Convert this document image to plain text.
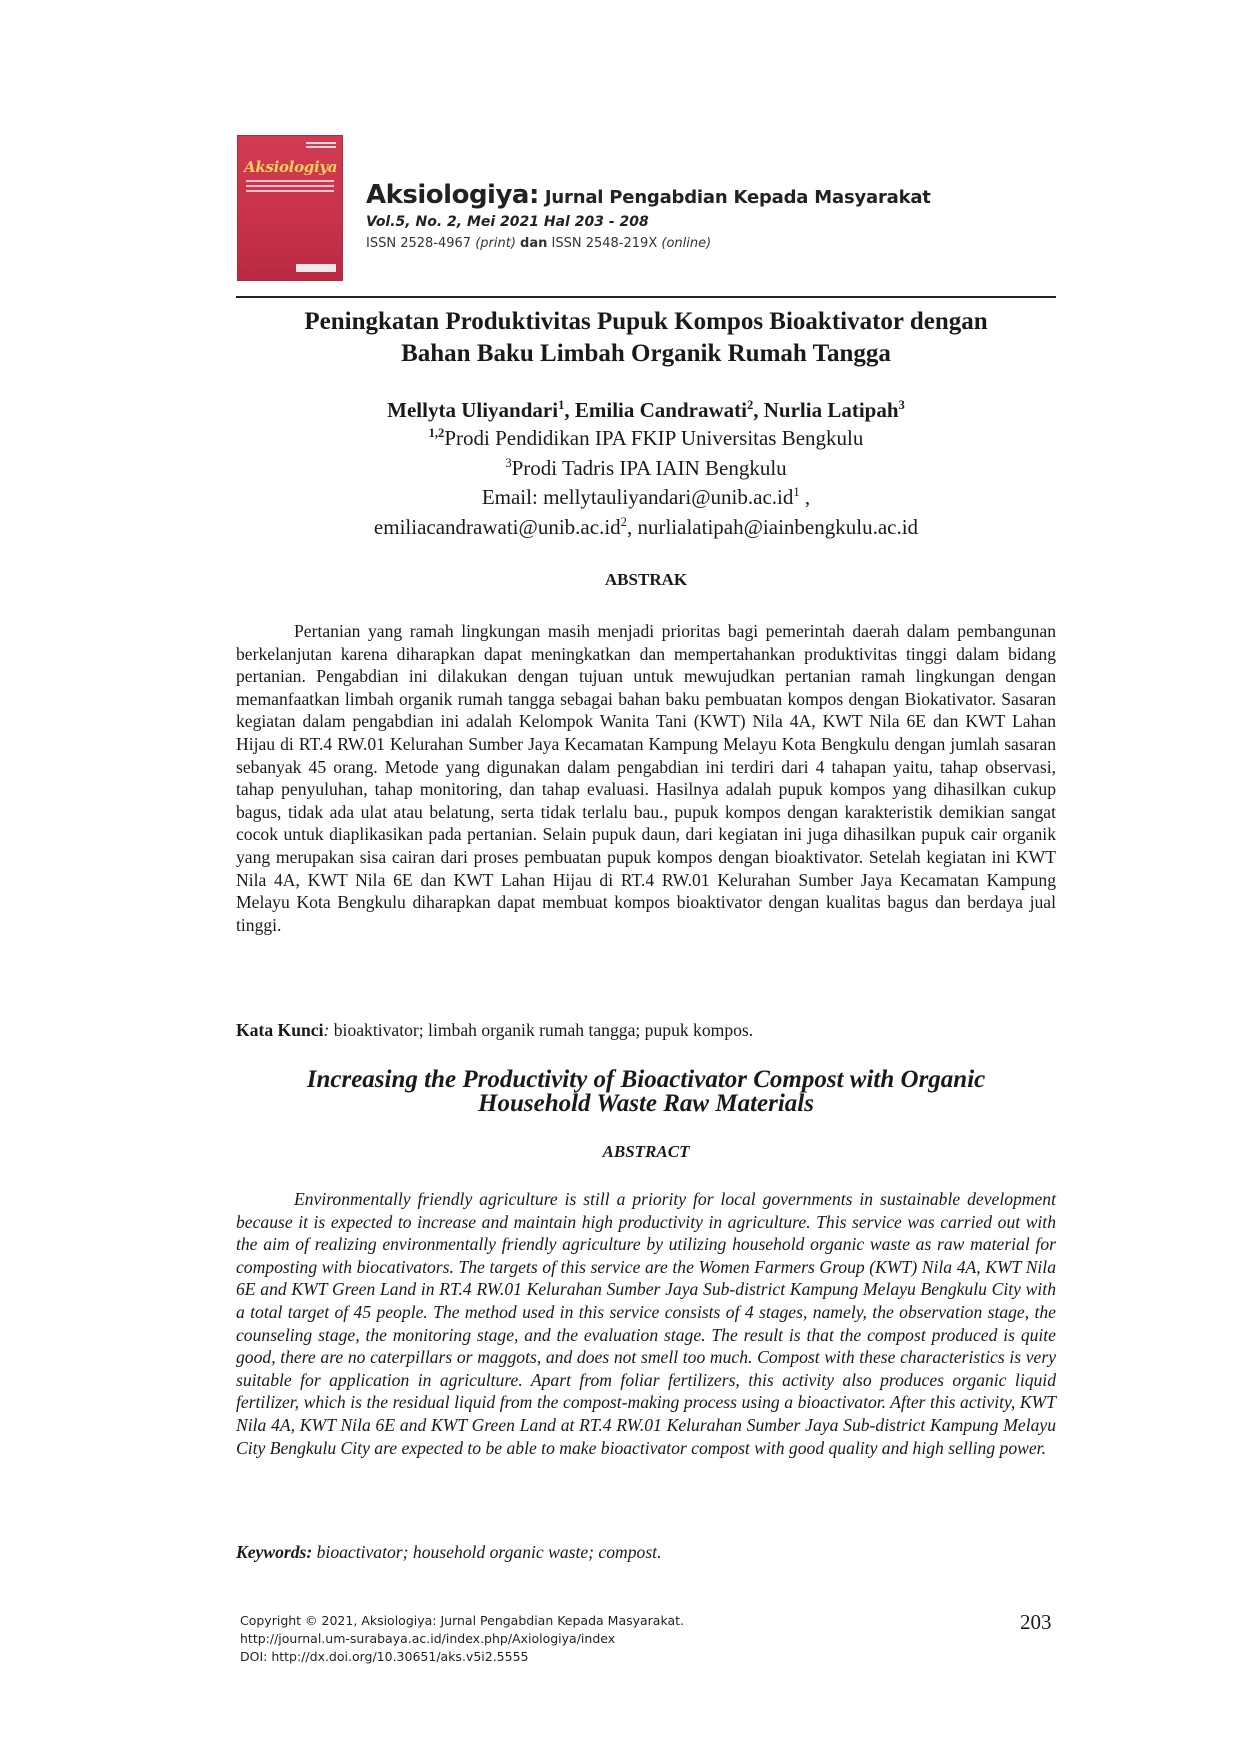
Aksiologiya
Aksiologiya: Jurnal Pengabdian Kepada Masyarakat
Vol.5, No. 2, Mei 2021 Hal 203 - 208
ISSN 2528-4967 (print) dan ISSN 2548-219X (online)
Peningkatan Produktivitas Pupuk Kompos Bioaktivator dengan
Bahan Baku Limbah Organik Rumah Tangga
Mellyta Uliyandari$^1$, Emilia Candrawati$^2$, Nurlia Latipah$^3$
$^{1,2}$Prodi Pendidikan IPA FKIP Universitas Bengkulu
$^3$Prodi Tadris IPA IAIN Bengkulu
Email: $mellytauliyandari@unib.ac.id^1$ ,
$emiliacandrawati@unib.ac.id^2$, nurlialatipah@iainbengkulu.ac.id
ABSTRAK
Pertanian yang ramah lingkungan masih menjadi prioritas bagi pemerintah daerah dalam pembangunan berkelanjutan karena diharapkan dapat meningkatkan dan mempertahankan produktivitas tinggi dalam bidang pertanian. Pengabdian ini dilakukan dengan tujuan untuk mewujudkan pertanian ramah lingkungan dengan memanfaatkan limbah organik rumah tangga sebagai bahan baku pembuatan kompos dengan Biokativator. Sasaran kegiatan dalam pengabdian ini adalah Kelompok Wanita Tani (KWT) Nila 4A, KWT Nila 6E dan KWT Lahan Hijau di RT.4 RW.01 Kelurahan Sumber Jaya Kecamatan Kampung Melayu Kota Bengkulu dengan jumlah sasaran sebanyak 45 orang. Metode yang digunakan dalam pengabdian ini terdiri dari 4 tahapan yaitu, tahap observasi, tahap penyuluhan, tahap monitoring, dan tahap evaluasi. Hasilnya adalah pupuk kompos yang dihasilkan cukup bagus, tidak ada ulat atau belatung, serta tidak terlalu bau., pupuk kompos dengan karakteristik demikian sangat cocok untuk diaplikasikan pada pertanian. Selain pupuk daun, dari kegiatan ini juga dihasilkan pupuk cair organik yang merupakan sisa cairan dari proses pembuatan pupuk kompos dengan bioaktivator. Setelah kegiatan ini KWT Nila 4A, KWT Nila 6E dan KWT Lahan Hijau di RT.4 RW.01 Kelurahan Sumber Jaya Kecamatan Kampung Melayu Kota Bengkulu diharapkan dapat membuat kompos bioaktivator dengan kualitas bagus dan berdaya jual tinggi.
Kata Kunci: bioaktivator; limbah organik rumah tangga; pupuk kompos.
Increasing the Productivity of Bioactivator Compost with Organic
Household Waste Raw Materials
ABSTRACT
Environmentally friendly agriculture is still a priority for local governments in sustainable development because it is expected to increase and maintain high productivity in agriculture. This service was carried out with the aim of realizing environmentally friendly agriculture by utilizing household organic waste as raw material for composting with biocativators. The targets of this service are the Women Farmers Group (KWT) Nila 4A, KWT Nila 6E and KWT Green Land in RT.4 RW.01 Kelurahan Sumber Jaya Sub-district Kampung Melayu Bengkulu City with a total target of 45 people. The method used in this service consists of 4 stages, namely, the observation stage, the counseling stage, the monitoring stage, and the evaluation stage. The result is that the compost produced is quite good, there are no caterpillars or maggots, and does not smell too much. Compost with these characteristics is very suitable for application in agriculture. Apart from foliar fertilizers, this activity also produces organic liquid fertilizer, which is the residual liquid from the compost-making process using a bioactivator. After this activity, KWT Nila 4A, KWT Nila 6E and KWT Green Land at RT.4 RW.01 Kelurahan Sumber Jaya Sub-district Kampung Melayu City Bengkulu City are expected to be able to make bioactivator compost with good quality and high selling power.
Keywords: bioactivator; household organic waste; compost.
Copyright © 2021, Aksiologiya: Jurnal Pengabdian Kepada Masyarakat.
http://journal.um-surabaya.ac.id/index.php/Axiologiya/index
DOI: http://dx.doi.org/10.30651/aks.v5i2.5555
203
